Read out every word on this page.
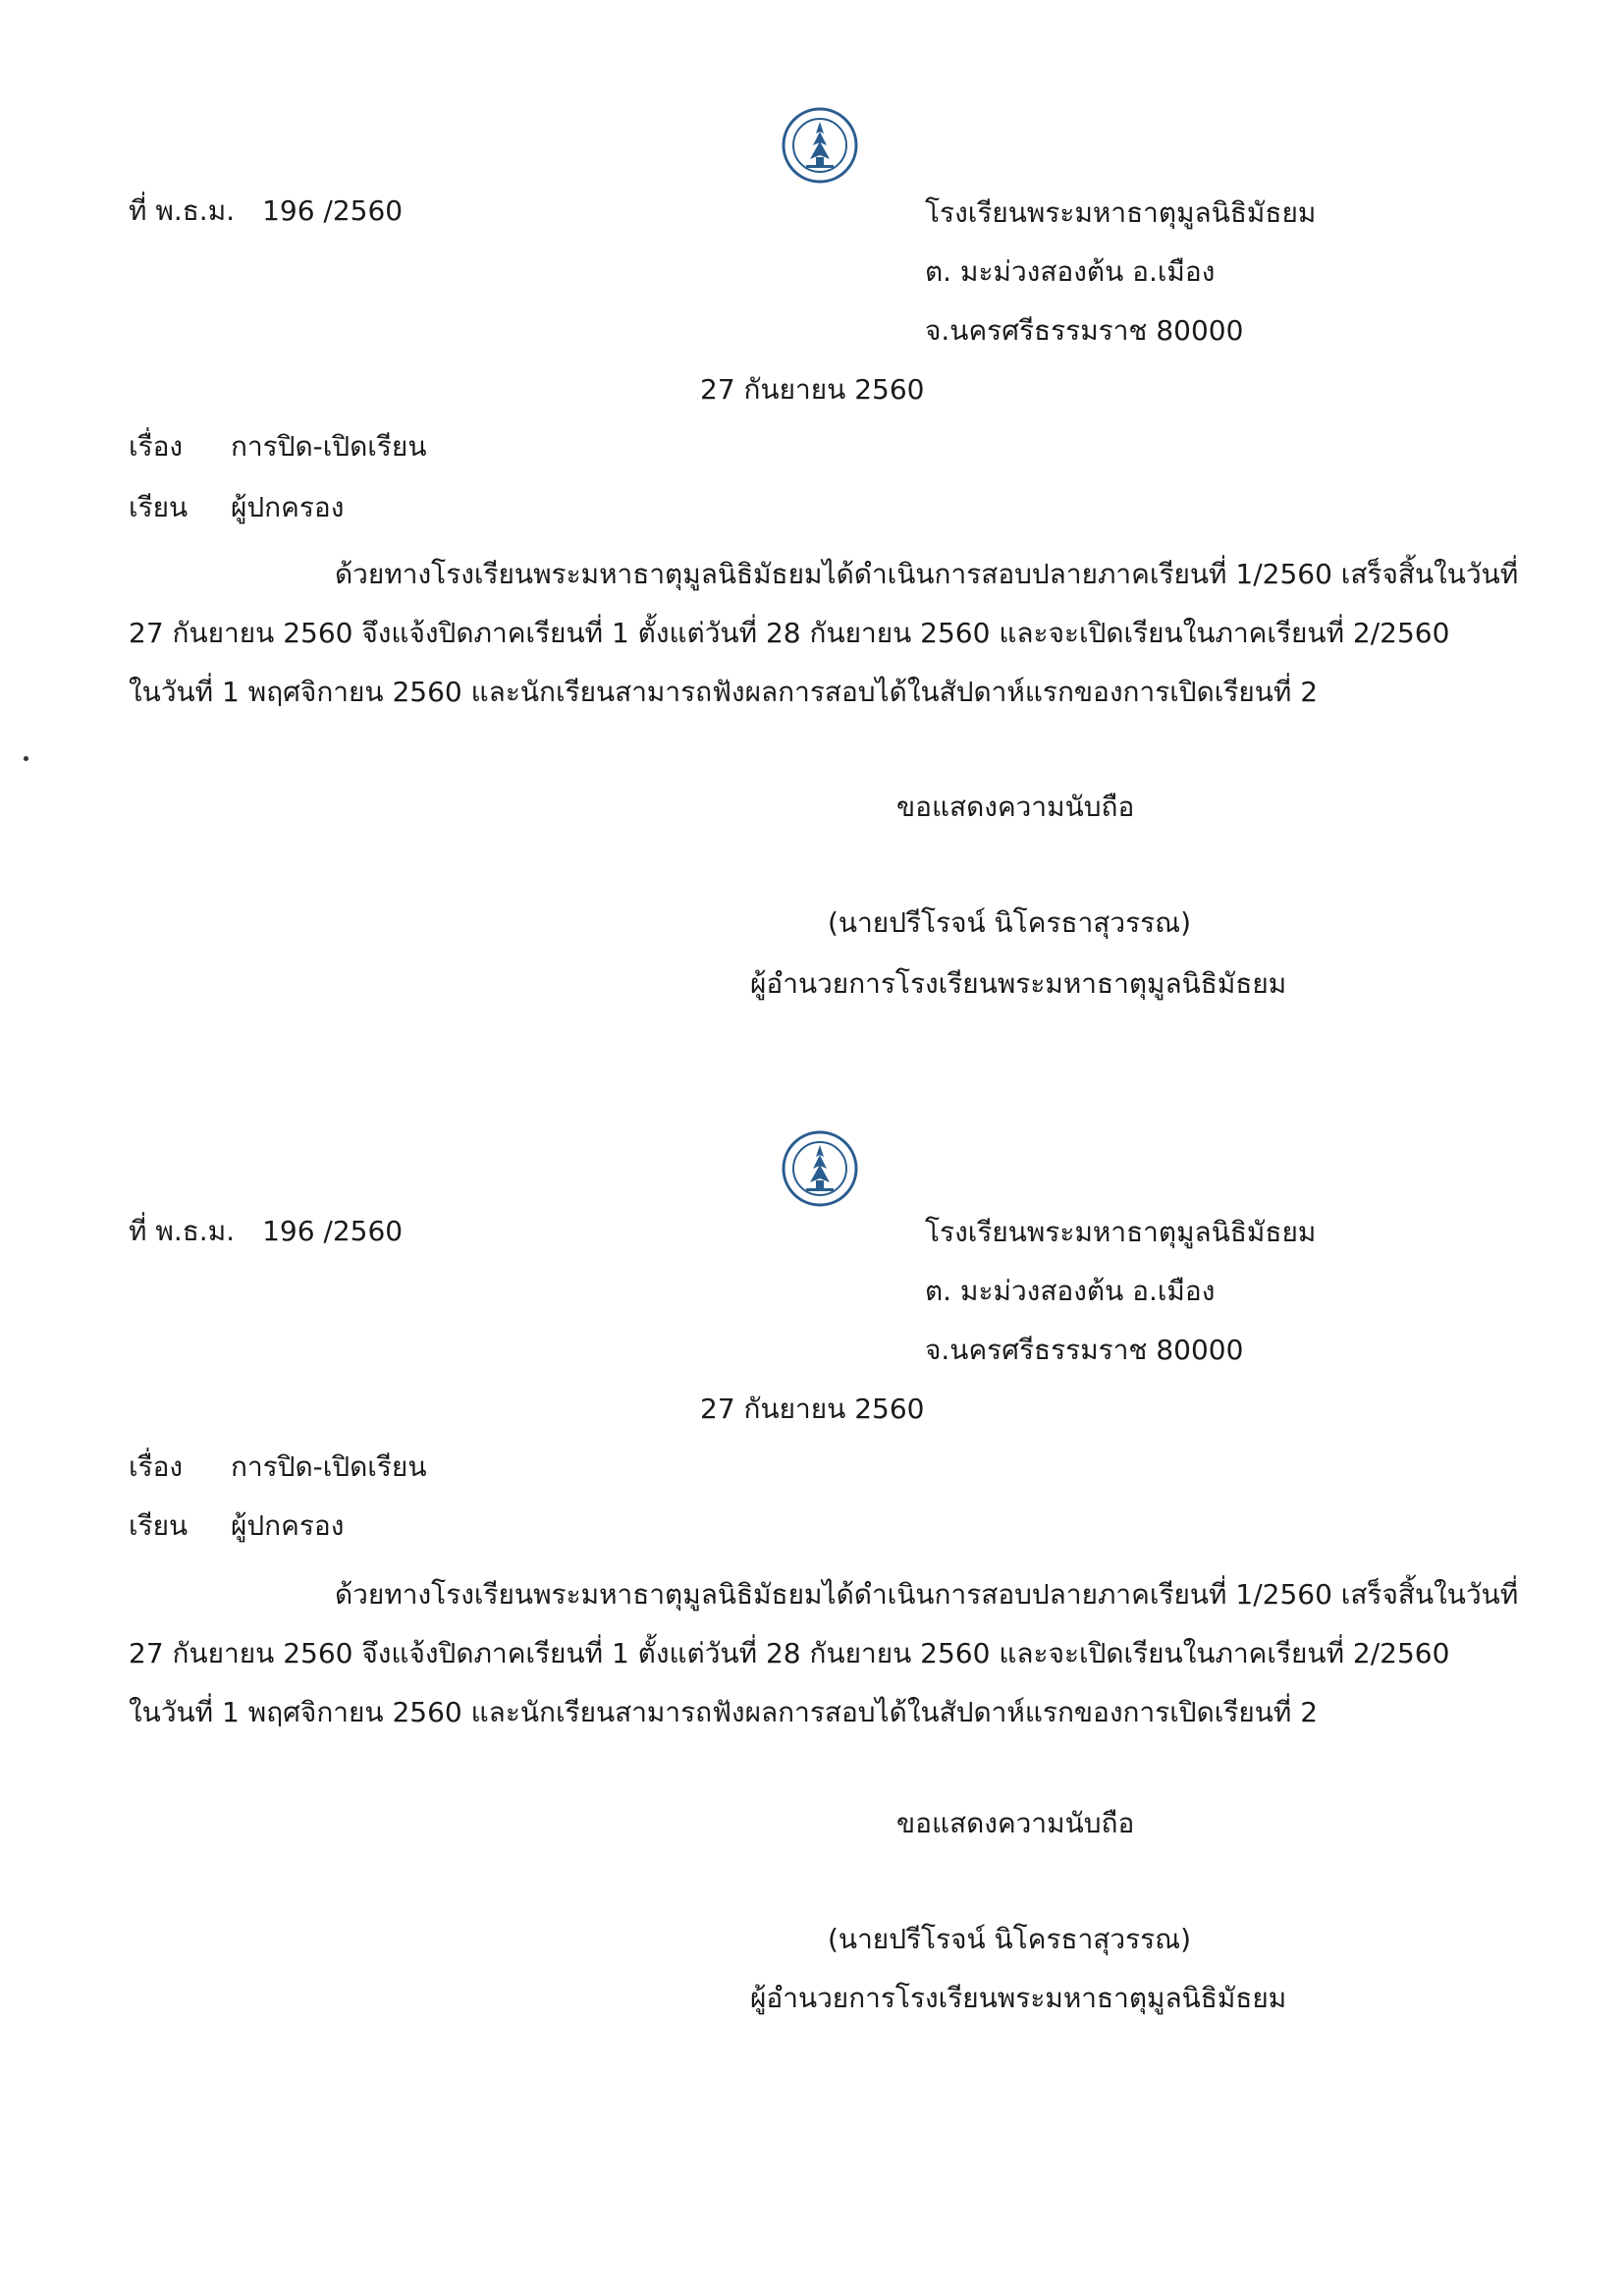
ที่ พ.ธ.ม. 196 /2560	โรงเรียนพระมหาธาตุมูลนิธิมัธยม
ต. มะม่วงสองต้น อ.เมือง
จ.นครศรีธรรมราช 80000
27 กันยายน 2560
เรื่อง การปิด-เปิดเรียน
เรียน ผู้ปกครอง
ด้วยทางโรงเรียนพระมหาธาตุมูลนิธิมัธยมได้ดำเนินการสอบปลายภาคเรียนที่ 1/2560 เสร็จสิ้นในวันที่
27 กันยายน 2560 จึงแจ้งปิดภาคเรียนที่ 1 ตั้งแต่วันที่ 28 กันยายน 2560 และจะเปิดเรียนในภาคเรียนที่ 2/2560
ในวันที่ 1 พฤศจิกายน 2560 และนักเรียนสามารถฟังผลการสอบได้ในสัปดาห์แรกของการเปิดเรียนที่ 2
ขอแสดงความนับถือ
(นายปรีโรจน์ นิโครธาสุวรรณ)
ผู้อำนวยการโรงเรียนพระมหาธาตุมูลนิธิมัธยม
ที่ พ.ธ.ม. 196 /2560	โรงเรียนพระมหาธาตุมูลนิธิมัธยม
ต. มะม่วงสองต้น อ.เมือง
จ.นครศรีธรรมราช 80000
27 กันยายน 2560
เรื่อง การปิด-เปิดเรียน
เรียน ผู้ปกครอง
ด้วยทางโรงเรียนพระมหาธาตุมูลนิธิมัธยมได้ดำเนินการสอบปลายภาคเรียนที่ 1/2560 เสร็จสิ้นในวันที่
27 กันยายน 2560 จึงแจ้งปิดภาคเรียนที่ 1 ตั้งแต่วันที่ 28 กันยายน 2560 และจะเปิดเรียนในภาคเรียนที่ 2/2560
ในวันที่ 1 พฤศจิกายน 2560 และนักเรียนสามารถฟังผลการสอบได้ในสัปดาห์แรกของการเปิดเรียนที่ 2
ขอแสดงความนับถือ
(นายปรีโรจน์ นิโครธาสุวรรณ)
ผู้อำนวยการโรงเรียนพระมหาธาตุมูลนิธิมัธยม
